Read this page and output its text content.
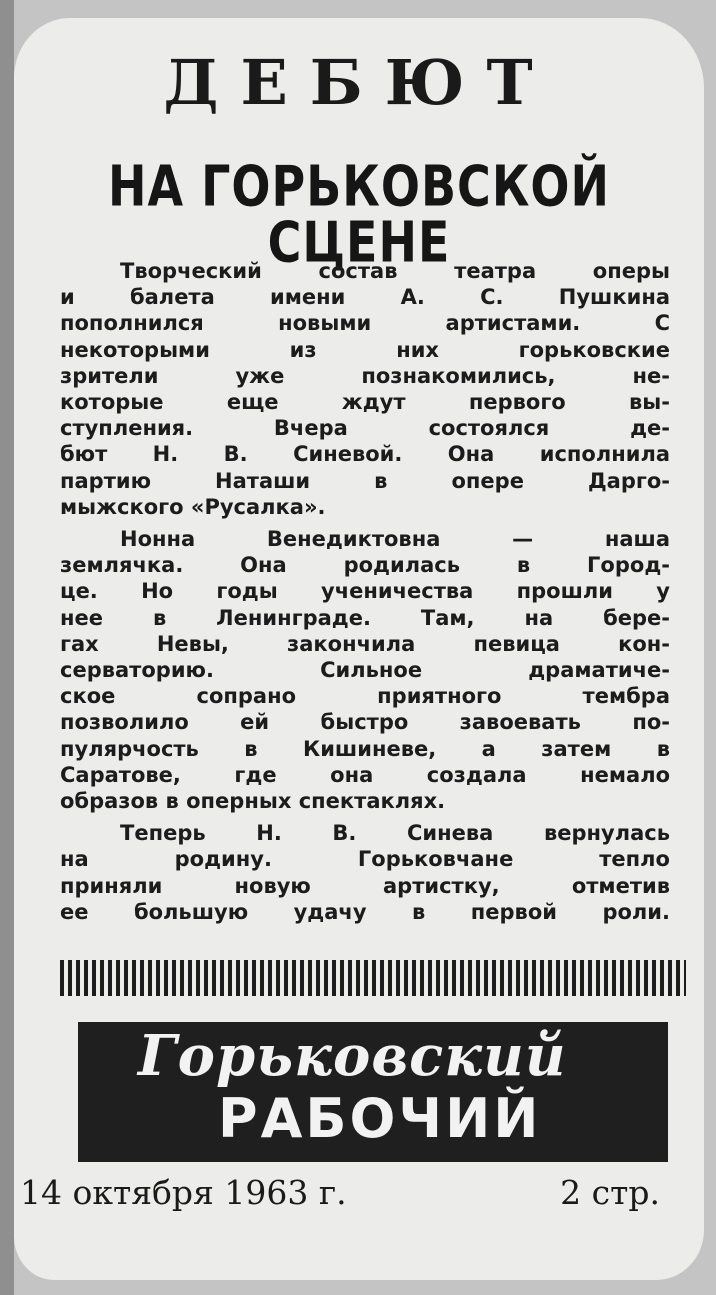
ДЕБЮТ
НА ГОРЬКОВСКОЙ СЦЕНЕ
Творческий состав театра оперы
и балета имени А. С. Пушкина
пополнился новыми артистами. С
некоторыми из них горьковские
зрители уже познакомились, не-
которые еще ждут первого вы-
ступления. Вчера состоялся де-
бют Н. В. Синевой. Она исполнила
партию Наташи в опере Дарго-
мыжского «Русалка».
Нонна Венедиктовна — наша
землячка. Она родилась в Город-
це. Но годы ученичества прошли у
нее в Ленинграде. Там, на бере-
гах Невы, закончила певица кон-
серваторию. Сильное драматиче-
ское сопрано приятного тембра
позволило ей быстро завоевать по-
пулярчость в Кишиневе, а затем в
Саратове, где она создала немало
образов в оперных спектаклях.
Теперь Н. В. Синева вернулась
на родину. Горьковчане тепло
приняли новую артистку, отметив
ее большую удачу в первой роли.
Горьковский
РАБОЧИЙ
14 октября 1963 г.	2 стр.
